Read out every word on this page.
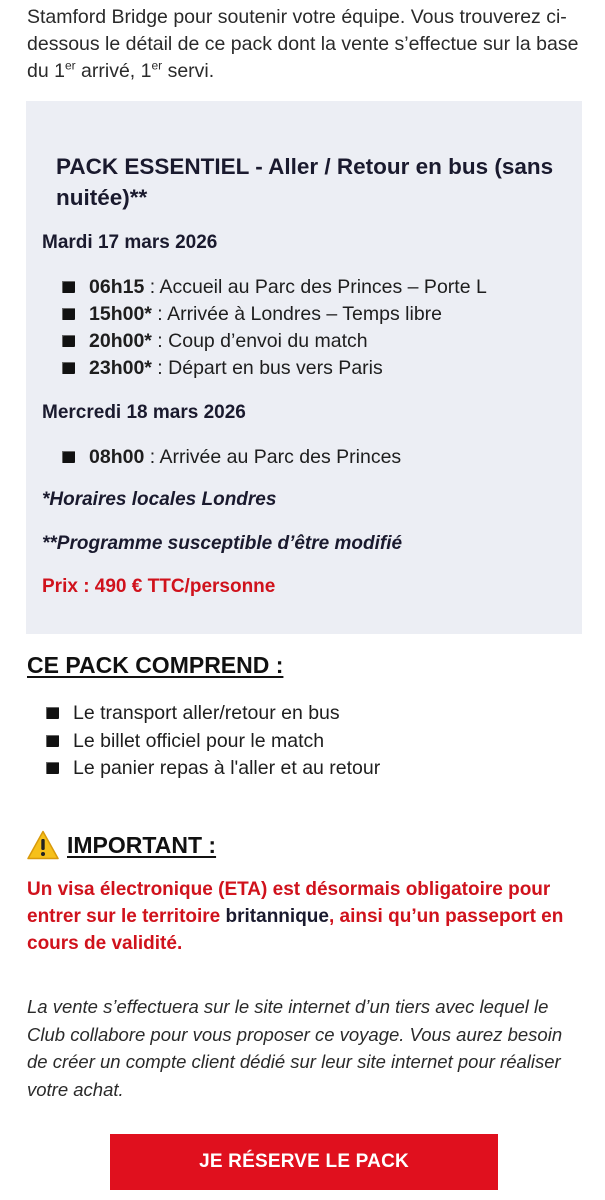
Stamford Bridge pour soutenir votre équipe. Vous trouverez ci-dessous le détail de ce pack dont la vente s’effectue sur la base du 1er arrivé, 1er servi.
PACK ESSENTIEL - Aller / Retour en bus (sans nuitée)**
Mardi 17 mars 2026
06h15 : Accueil au Parc des Princes – Porte L
15h00* : Arrivée à Londres – Temps libre
20h00* : Coup d’envoi du match
23h00* : Départ en bus vers Paris
Mercredi 18 mars 2026
08h00 : Arrivée au Parc des Princes
*Horaires locales Londres
**Programme susceptible d’être modifié
Prix : 490 € TTC/personne
CE PACK COMPREND :
Le transport aller/retour en bus
Le billet officiel pour le match
Le panier repas à l'aller et au retour
IMPORTANT :
Un visa électronique (ETA) est désormais obligatoire pour entrer sur le territoire britannique, ainsi qu’un passeport en cours de validité.
La vente s’effectuera sur le site internet d’un tiers avec lequel le Club collabore pour vous proposer ce voyage. Vous aurez besoin de créer un compte client dédié sur leur site internet pour réaliser votre achat.
JE RÉSERVE LE PACK
